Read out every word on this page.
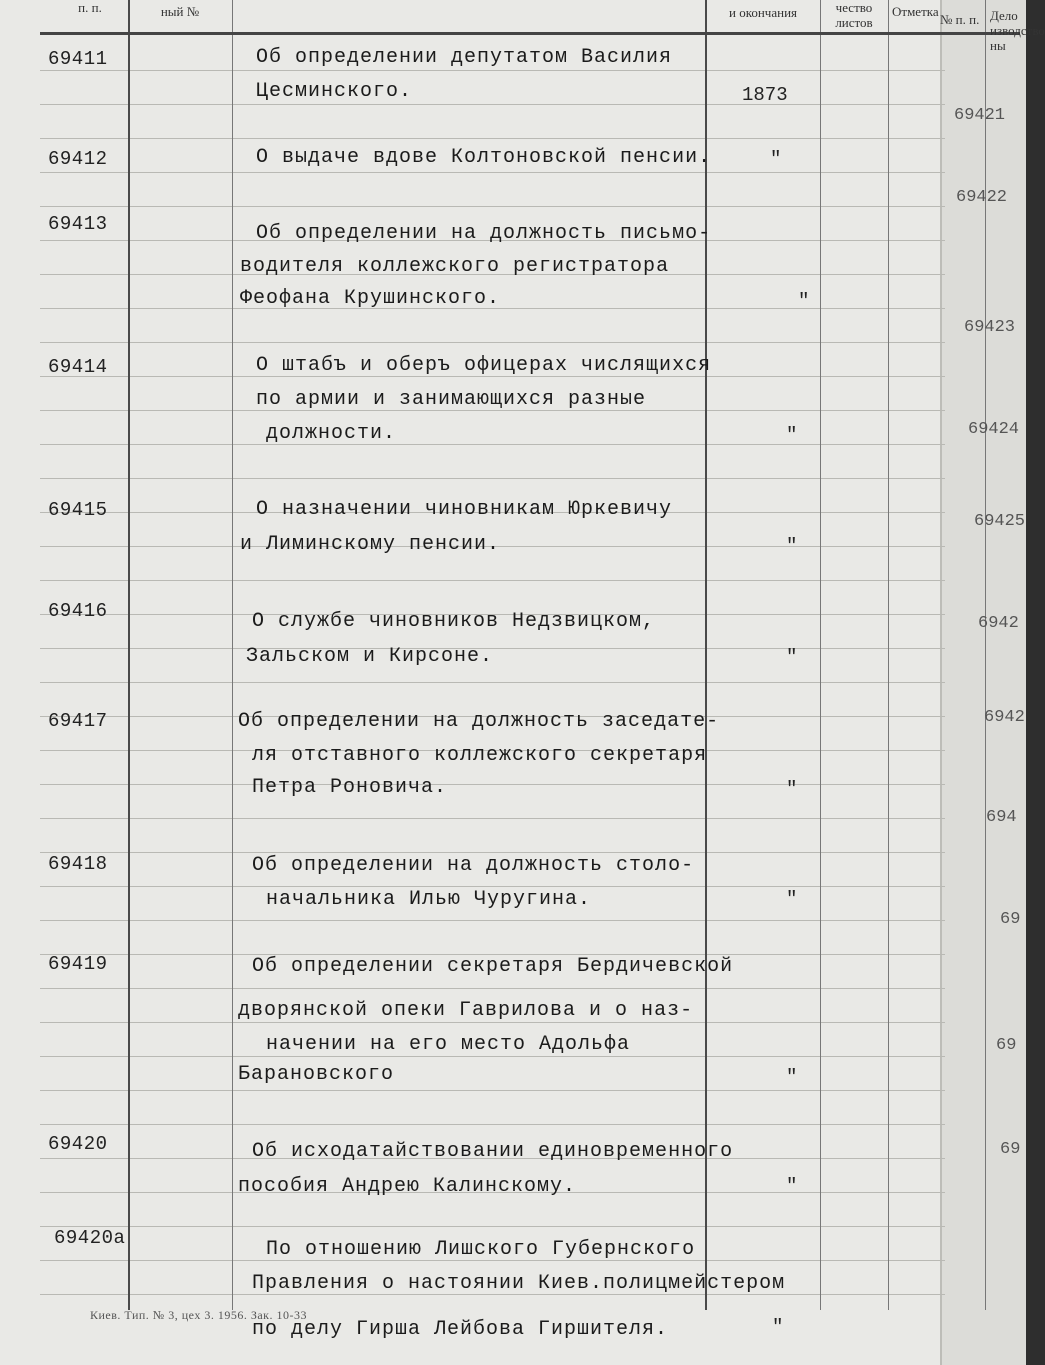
п. п.	ный №	и окончания	чество листов
Отметка
№ п. п. Дело изводство ны
69411	Об определении депутатом Василия
Цесминского.	1873
69412	О выдаче вдове Колтоновской пенсии.	"
69413	Об определении на должность письмо-
водителя коллежского регистратора
Феофана Крушинского.	"
69414	О штабъ и оберъ офицерах числящихся
по армии и занимающихся разные
должности.	"
69415	О назначении чиновникам Юркевичу
и Лиминскому пенсии.	"
69416	О службе чиновников Недзвицком,
Зальском и Кирсоне.	"
69417	Об определении на должность заседате-
ля отставного коллежского секретаря
Петра Роновича.	"
69418	Об определении на должность столо-
начальника Илью Чуругина.	"
69419	Об определении секретаря Бердичевской
дворянской опеки Гаврилова и о наз-
начении на его место Адольфа
Барановского	"
69420	Об исходатайствовании единовременного
пособия Андрею Калинскому.	"
69420а	По отношению Лишского Губернского
Правления о настоянии Киев.полицмейстером
по делу Гирша Лейбова Гиршителя.	"
69421
69422
69423
69424
69425
6942
6942
694
69
69
69
Киев. Тип. № 3, цех 3. 1956. Зак. 10-33
